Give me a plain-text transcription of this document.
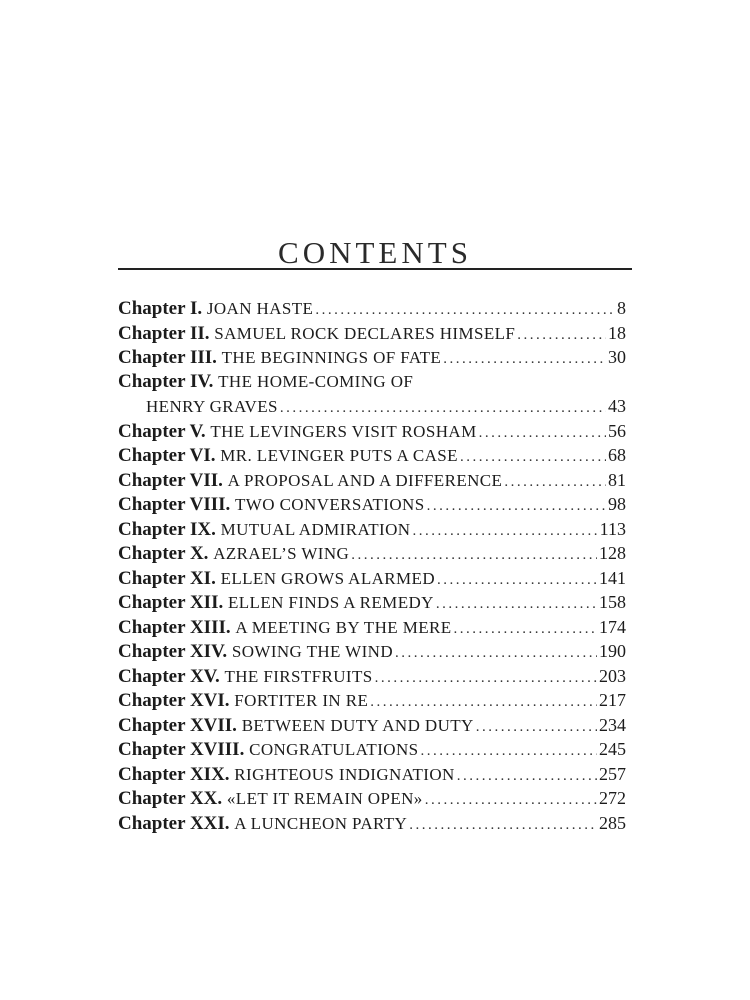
CONTENTS
Chapter I. JOAN HASTE .....	8
Chapter II. SAMUEL ROCK DECLARES HIMSELF .....	18
Chapter III. THE BEGINNINGS OF FATE .....	30
Chapter IV. THE HOME-COMING OF
HENRY GRAVES .....	43
Chapter V. THE LEVINGERS VISIT ROSHAM .....	56
Chapter VI. MR. LEVINGER PUTS A CASE .....	68
Chapter VII. A PROPOSAL AND A DIFFERENCE .....	81
Chapter VIII. TWO CONVERSATIONS .....	98
Chapter IX. MUTUAL ADMIRATION .....	113
Chapter X. AZRAEL’S WING .....	128
Chapter XI. ELLEN GROWS ALARMED .....	141
Chapter XII. ELLEN FINDS A REMEDY .....	158
Chapter XIII. A MEETING BY THE MERE .....	174
Chapter XIV. SOWING THE WIND .....	190
Chapter XV. THE FIRSTFRUITS .....	203
Chapter XVI. FORTITER IN RE .....	217
Chapter XVII. BETWEEN DUTY AND DUTY .....	234
Chapter XVIII. CONGRATULATIONS .....	245
Chapter XIX. RIGHTEOUS INDIGNATION .....	257
Chapter XX. «LET IT REMAIN OPEN» .....	272
Chapter XXI. A LUNCHEON PARTY .....	285
